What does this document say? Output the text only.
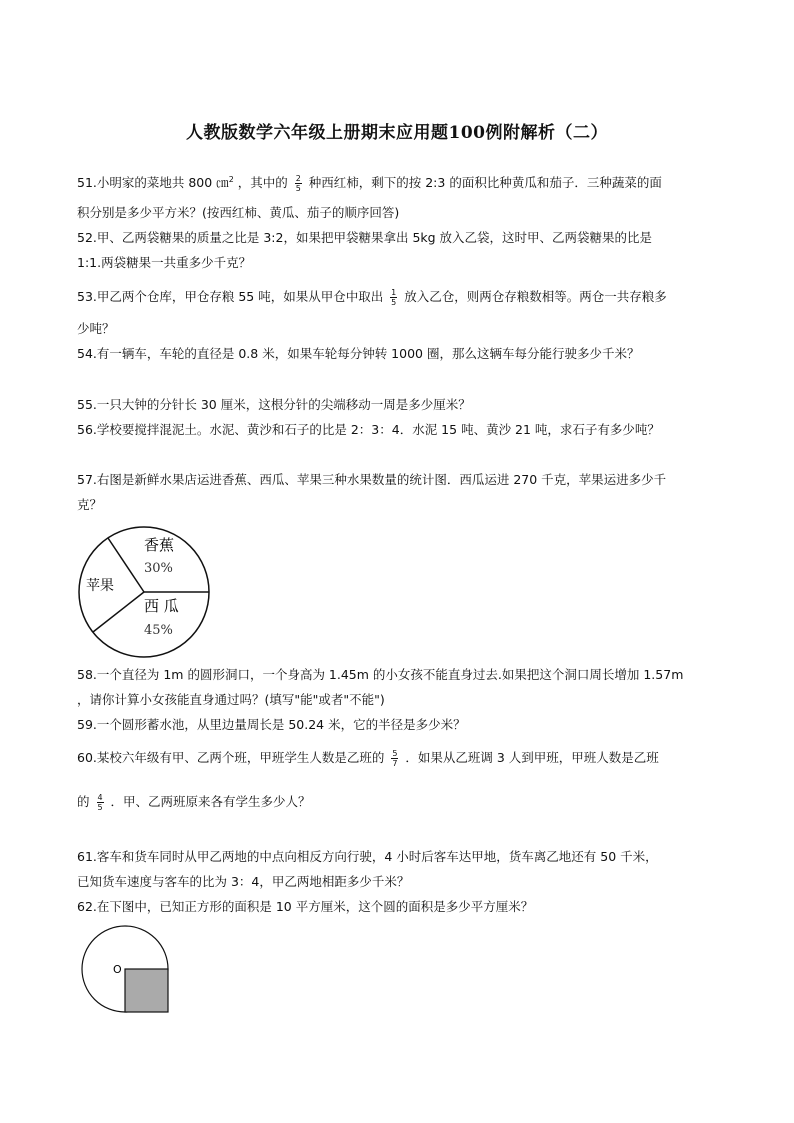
人教版数学六年级上册期末应用题100例附解析（二）
51.小明家的菜地共 800 ㎝$^2$ ，其中的 $\frac{2}{5}$ 种西红柿，剩下的按 2:3 的面积比种黄瓜和茄子．三种蔬菜的面
积分别是多少平方米？(按西红柿、黄瓜、茄子的顺序回答)
52.甲、乙两袋糖果的质量之比是 3:2，如果把甲袋糖果拿出 5kg 放入乙袋，这时甲、乙两袋糖果的比是
1:1.两袋糖果一共重多少千克？
53.甲乙两个仓库，甲仓存粮 55 吨，如果从甲仓中取出 $\frac{1}{5}$ 放入乙仓，则两仓存粮数相等。两仓一共存粮多
少吨？
54.有一辆车，车轮的直径是 0.8 米，如果车轮每分钟转 1000 圈，那么这辆车每分能行驶多少千米？
55.一只大钟的分针长 30 厘米，这根分针的尖端移动一周是多少厘米？
56.学校要搅拌混泥土。水泥、黄沙和石子的比是 2：3：4．水泥 15 吨、黄沙 21 吨，求石子有多少吨？
57.右图是新鲜水果店运进香蕉、西瓜、苹果三种水果数量的统计图．西瓜运进 270 千克，苹果运进多少千
克？
香蕉
30%
苹果
西 瓜
45%
58.一个直径为 1m 的圆形洞口，一个身高为 1.45m 的小女孩不能直身过去.如果把这个洞口周长增加 1.57m
，请你计算小女孩能直身通过吗？(填写"能"或者"不能")
59.一个圆形蓄水池，从里边量周长是 50.24 米，它的半径是多少米？
60.某校六年级有甲、乙两个班，甲班学生人数是乙班的 $\frac{5}{7}$ ．如果从乙班调 3 人到甲班，甲班人数是乙班
的 $\frac{4}{5}$ ．甲、乙两班原来各有学生多少人？
61.客车和货车同时从甲乙两地的中点向相反方向行驶，4 小时后客车达甲地，货车离乙地还有 50 千米，
已知货车速度与客车的比为 3：4，甲乙两地相距多少千米？
62.在下图中，已知正方形的面积是 10 平方厘米，这个圆的面积是多少平方厘米？
O
